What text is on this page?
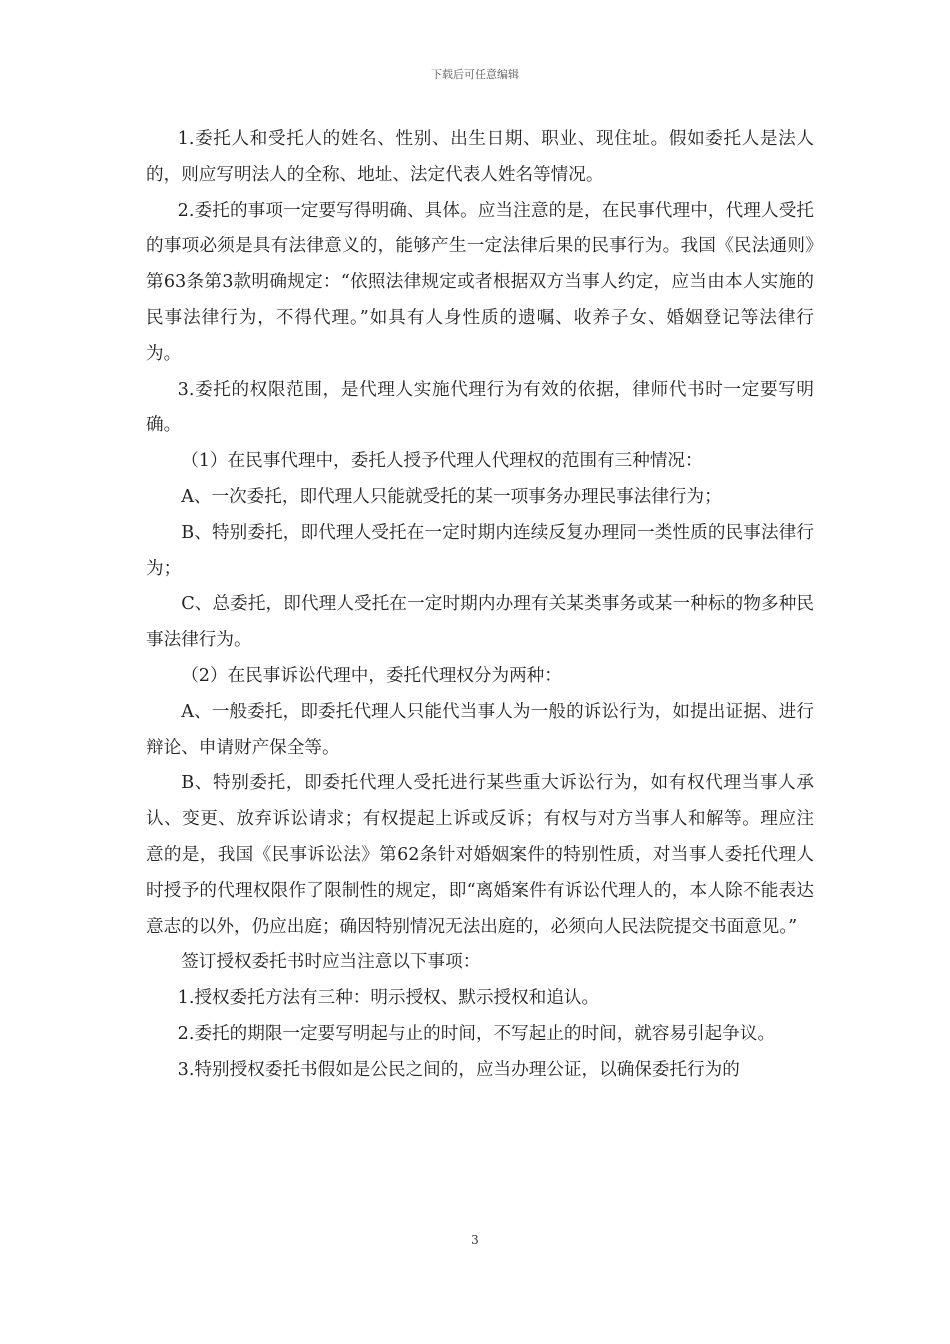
下载后可任意编辑

1.委托人和受托人的姓名、性别、出生日期、职业、现住址。假如委托人是法人的，则应写明法人的全称、地址、法定代表人姓名等情况。

2.委托的事项一定要写得明确、具体。应当注意的是，在民事代理中，代理人受托的事项必须是具有法律意义的，能够产生一定法律后果的民事行为。我国《民法通则》第63条第3款明确规定：“依照法律规定或者根据双方当事人约定，应当由本人实施的民事法律行为，不得代理。”如具有人身性质的遗嘱、收养子女、婚姻登记等法律行为。

3.委托的权限范围，是代理人实施代理行为有效的依据，律师代书时一定要写明确。

（1）在民事代理中，委托人授予代理人代理权的范围有三种情况：

A、一次委托，即代理人只能就受托的某一项事务办理民事法律行为；

B、特别委托，即代理人受托在一定时期内连续反复办理同一类性质的民事法律行为；

C、总委托，即代理人受托在一定时期内办理有关某类事务或某一种标的物多种民事法律行为。

（2）在民事诉讼代理中，委托代理权分为两种：

A、一般委托，即委托代理人只能代当事人为一般的诉讼行为，如提出证据、进行辩论、申请财产保全等。

B、特别委托，即委托代理人受托进行某些重大诉讼行为，如有权代理当事人承认、变更、放弃诉讼请求；有权提起上诉或反诉；有权与对方当事人和解等。理应注意的是，我国《民事诉讼法》第62条针对婚姻案件的特别性质，对当事人委托代理人时授予的代理权限作了限制性的规定，即“离婚案件有诉讼代理人的，本人除不能表达意志的以外，仍应出庭；确因特别情况无法出庭的，必须向人民法院提交书面意见。”

签订授权委托书时应当注意以下事项：

1.授权委托方法有三种：明示授权、默示授权和追认。

2.委托的期限一定要写明起与止的时间，不写起止的时间，就容易引起争议。

3.特别授权委托书假如是公民之间的，应当办理公证，以确保委托行为的

3
